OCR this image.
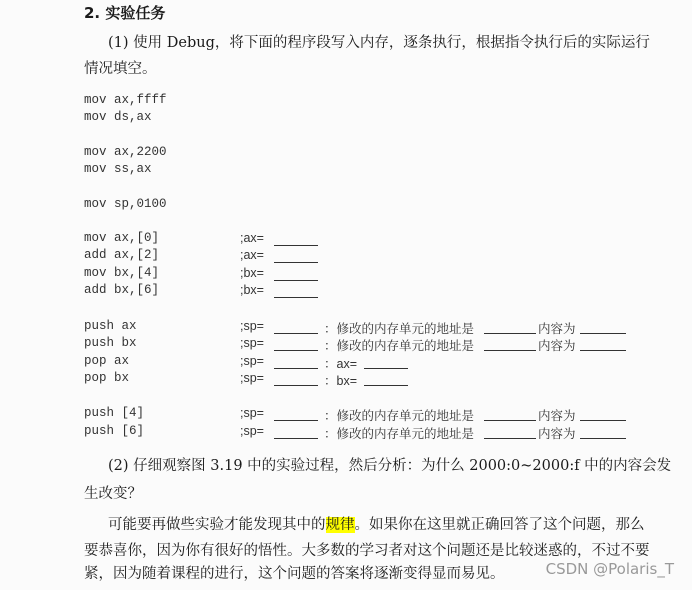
2. 实验任务
(1) 使用 Debug，将下面的程序段写入内存，逐条执行，根据指令执行后的实际运行
情况填空。
mov ax,ffff
mov ds,ax
mov ax,2200
mov ss,ax
mov sp,0100
mov ax,[0]	;ax=
add ax,[2]	;ax=
mov bx,[4]	;bx=
add bx,[6]	;bx=
push ax	;sp=	：修改的内存单元的地址是	内容为
push bx	;sp=	：修改的内存单元的地址是	内容为
pop ax	;sp=	：ax=
pop bx	;sp=	：bx=
push [4]	;sp=	：修改的内存单元的地址是	内容为
push [6]	;sp=	：修改的内存单元的地址是	内容为
(2) 仔细观察图 3.19 中的实验过程，然后分析：为什么 2000:0~2000:f 中的内容会发
生改变？
可能要再做些实验才能发现其中的规律。如果你在这里就正确回答了这个问题，那么
要恭喜你，因为你有很好的悟性。大多数的学习者对这个问题还是比较迷惑的，不过不要
紧，因为随着课程的进行，这个问题的答案将逐渐变得显而易见。	CSDN @Polaris_T
